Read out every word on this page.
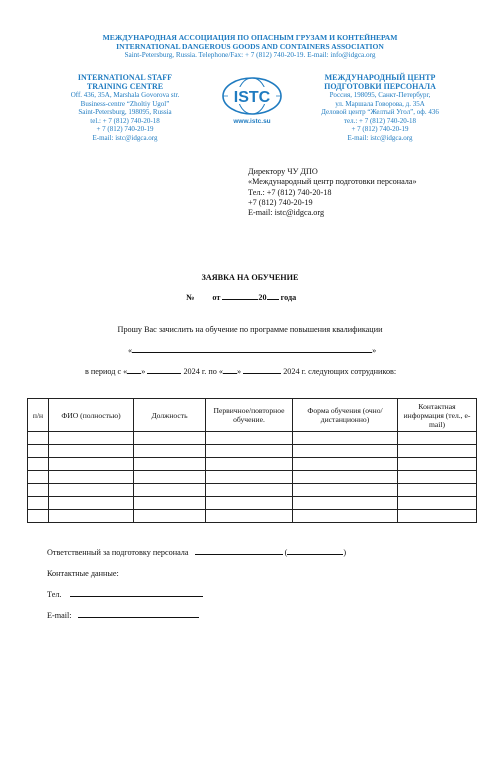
МЕЖДУНАРОДНАЯ АССОЦИАЦИЯ ПО ОПАСНЫМ ГРУЗАМ И КОНТЕЙНЕРАМ
INTERNATIONAL DANGEROUS GOODS AND CONTAINERS ASSOCIATION
Saint-Petersburg, Russia. Telephone/Fax: + 7 (812) 740-20-19. E-mail: info@idgca.org
INTERNATIONAL STAFF
TRAINING CENTRE
Off. 436, 35A, Marshala Govorova str.
Business-centre “Zholtiy Ugol”
Saint-Petersburg, 198095, Russia
tel.: + 7 (812) 740-20-18
+ 7 (812) 740-20-19
E-mail: istc@idgca.org
ISTC
www.istc.su
МЕЖДУНАРОДНЫЙ ЦЕНТР
ПОДГОТОВКИ ПЕРСОНАЛА
Россия, 198095, Санкт-Петербург,
ул. Маршала Говорова, д. 35А
Деловой центр “Желтый Угол”, оф. 436
тел.: + 7 (812) 740-20-18
+ 7 (812) 740-20-19
E-mail: istc@idgca.org
Директору ЧУ ДПО
«Международный центр подготовки персонала»
Тел.: +7 (812) 740-20-18
+7 (812) 740-20-19
E-mail: istc@idgca.org
ЗАЯВКА НА ОБУЧЕНИЕ
№ от	20 года
Прошу Вас зачислить на обучение по программе повышения квалификации
«	»
в период с « »	2024 г. по « »	2024 г. следующих сотрудников:
п/н	ФИО (полностью)	Должность	Первичное/повторное обучение.	Форма обучения (очно/дистанционно)	Контактная информация (тел., e-mail)

Ответственный за подготовку персонала	(	)
Контактные данные:
Тел.
E-mail:
